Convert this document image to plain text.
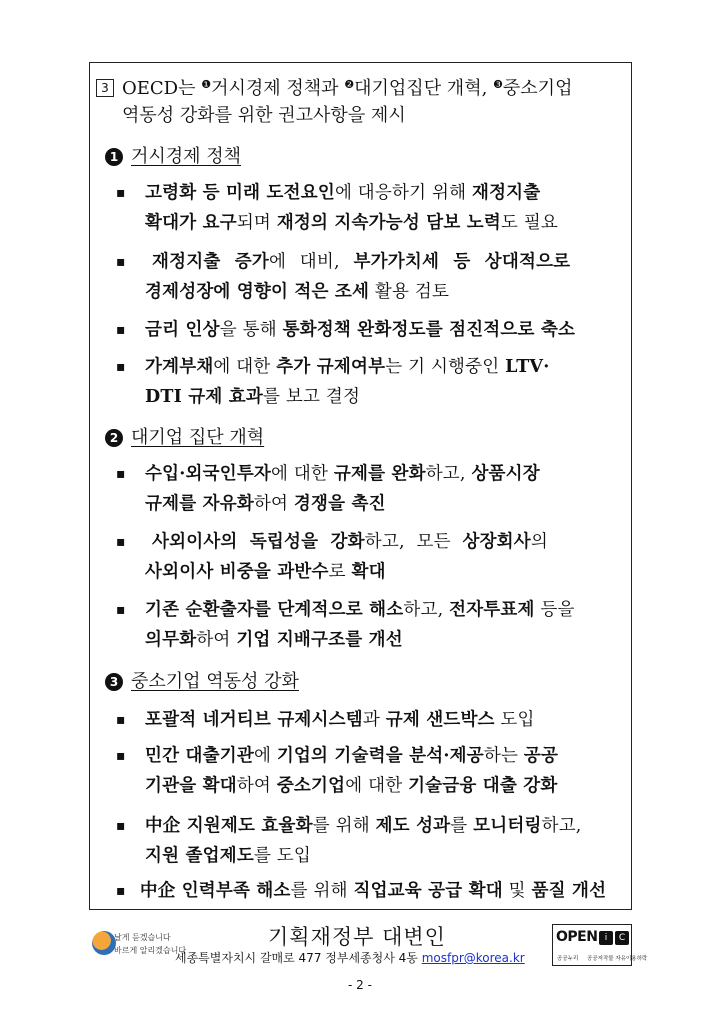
3 OECD는 $^❶$거시경제 정책과 $^❷$대기업집단 개혁, $^❸$중소기업
역동성 강화를 위한 권고사항을 제시
1 거시경제 정책
▪ 고령화 등 미래 도전요인에 대응하기 위해 재정지출
확대가 요구되며 재정의 지속가능성 담보 노력도 필요
▪ 재정지출 증가에 대비, 부가가치세 등 상대적으로
경제성장에 영향이 적은 조세 활용 검토
▪ 금리 인상을 통해 통화정책 완화정도를 점진적으로 축소
▪ 가계부채에 대한 추가 규제여부는 기 시행중인 LTV·
DTI 규제 효과를 보고 결정
2 대기업 집단 개혁
▪ 수입·외국인투자에 대한 규제를 완화하고, 상품시장
규제를 자유화하여 경쟁을 촉진
▪ 사외이사의 독립성을 강화하고, 모든 상장회사의
사외이사 비중을 과반수로 확대
▪ 기존 순환출자를 단계적으로 해소하고, 전자투표제 등을
의무화하여 기업 지배구조를 개선
3 중소기업 역동성 강화
▪ 포괄적 네거티브 규제시스템과 규제 샌드박스 도입
▪ 민간 대출기관에 기업의 기술력을 분석·제공하는 공공
기관을 확대하여 중소기업에 대한 기술금융 대출 강화
▪ 中企 지원제도 효율화를 위해 제도 성과를 모니터링하고,
지원 졸업제도를 도입
▪ 中企 인력부족 해소를 위해 직업교육 공급 확대 및 품질 개선
날게 듣겠습니다
바르게 알리겠습니다
기획재정부 대변인
세종특별자치시 갈매로 477 정부세종청사 4동 mosfpr@korea.kr
OPEN i	C
공공누리 공공저작물 자유이용허락
- 2 -
